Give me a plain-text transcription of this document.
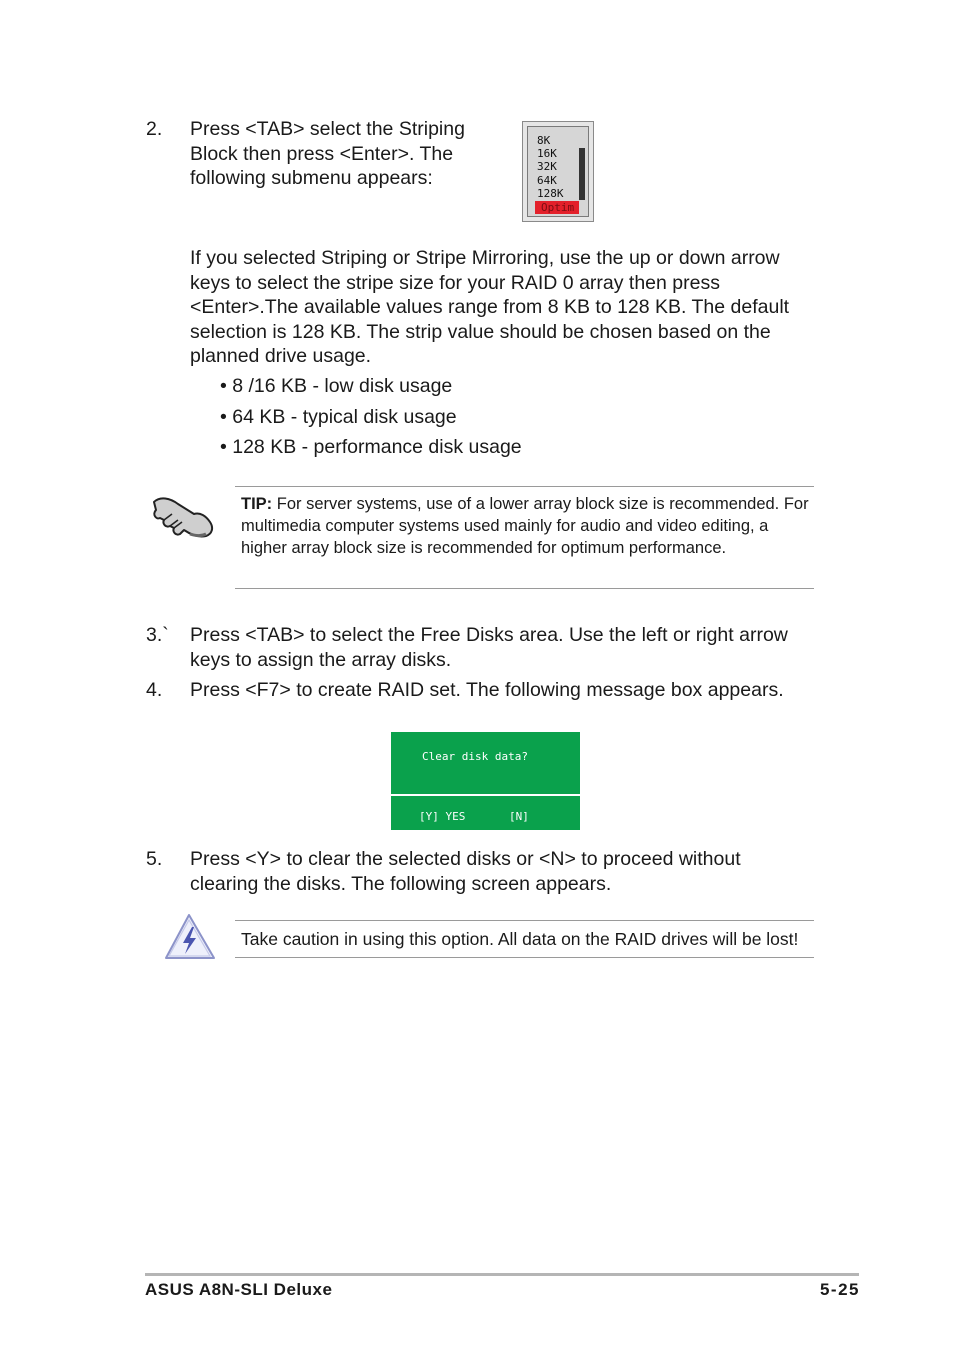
2.	Press <TAB> select the Striping
Block then press <Enter>. The
following submenu appears:
8K
16K
32K
64K
128K
Optim
If you selected Striping or Stripe Mirroring, use the up or down arrow
keys to select the stripe size for your RAID 0 array then press
<Enter>.The available values range from 8 KB to 128 KB. The default
selection is 128 KB. The strip value should be chosen based on the
planned drive usage.
• 8 /16 KB - low disk usage
• 64 KB - typical disk usage
• 128 KB - performance disk usage
TIP: For server systems, use of a lower array block size is recommended. For multimedia computer systems used mainly for audio and video editing, a higher array block size is recommended for optimum performance.
3.`	Press <TAB> to select the Free Disks area. Use the left or right arrow
keys to assign the array disks.
4.	Press <F7> to create RAID set. The following message box appears.
Clear disk data?
[Y] YES	[N]
5.	Press <Y> to clear the selected disks or <N> to proceed without
clearing the disks. The following screen appears.
Take caution in using this option. All data on the RAID drives will be lost!
ASUS A8N-SLI Deluxe	5-25
